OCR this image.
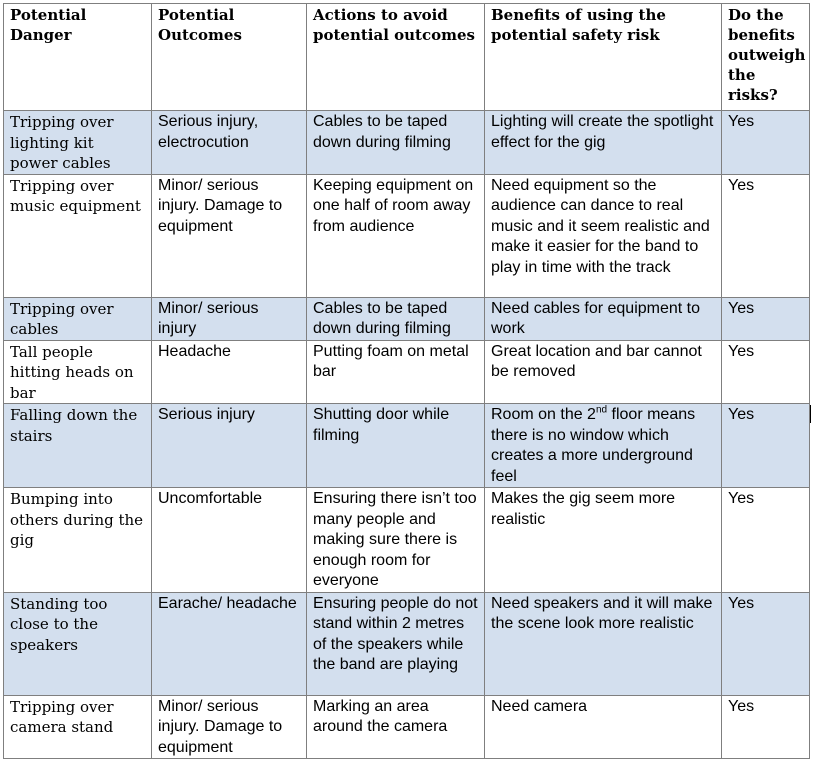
Potential Danger	Potential Outcomes	Actions to avoid potential outcomes	Benefits of using the potential safety risk	Do the benefits outweigh the risks?
Tripping over lighting kit power cables	Serious injury, electrocution	Cables to be taped down during filming	Lighting will create the spotlight effect for the gig	Yes
Tripping over music equipment	Minor/ serious injury. Damage to equipment	Keeping equipment on one half of room away from audience	Need equipment so the audience can dance to real music and it seem realistic and make it easier for the band to play in time with the track	Yes
Tripping over cables	Minor/ serious injury	Cables to be taped down during filming	Need cables for equipment to work	Yes
Tall people hitting heads on bar	Headache	Putting foam on metal bar	Great location and bar cannot be removed	Yes
Falling down the stairs	Serious injury	Shutting door while filming	Room on the 2nd floor means there is no window which creates a more underground feel	Yes
Bumping into others during the gig	Uncomfortable	Ensuring there isn’t too many people and making sure there is enough room for everyone	Makes the gig seem more realistic	Yes
Standing too close to the speakers	Earache/ headache	Ensuring people do not stand within 2 metres of the speakers while the band are playing	Need speakers and it will make the scene look more realistic	Yes
Tripping over camera stand	Minor/ serious injury. Damage to equipment	Marking an area around the camera	Need camera	Yes
